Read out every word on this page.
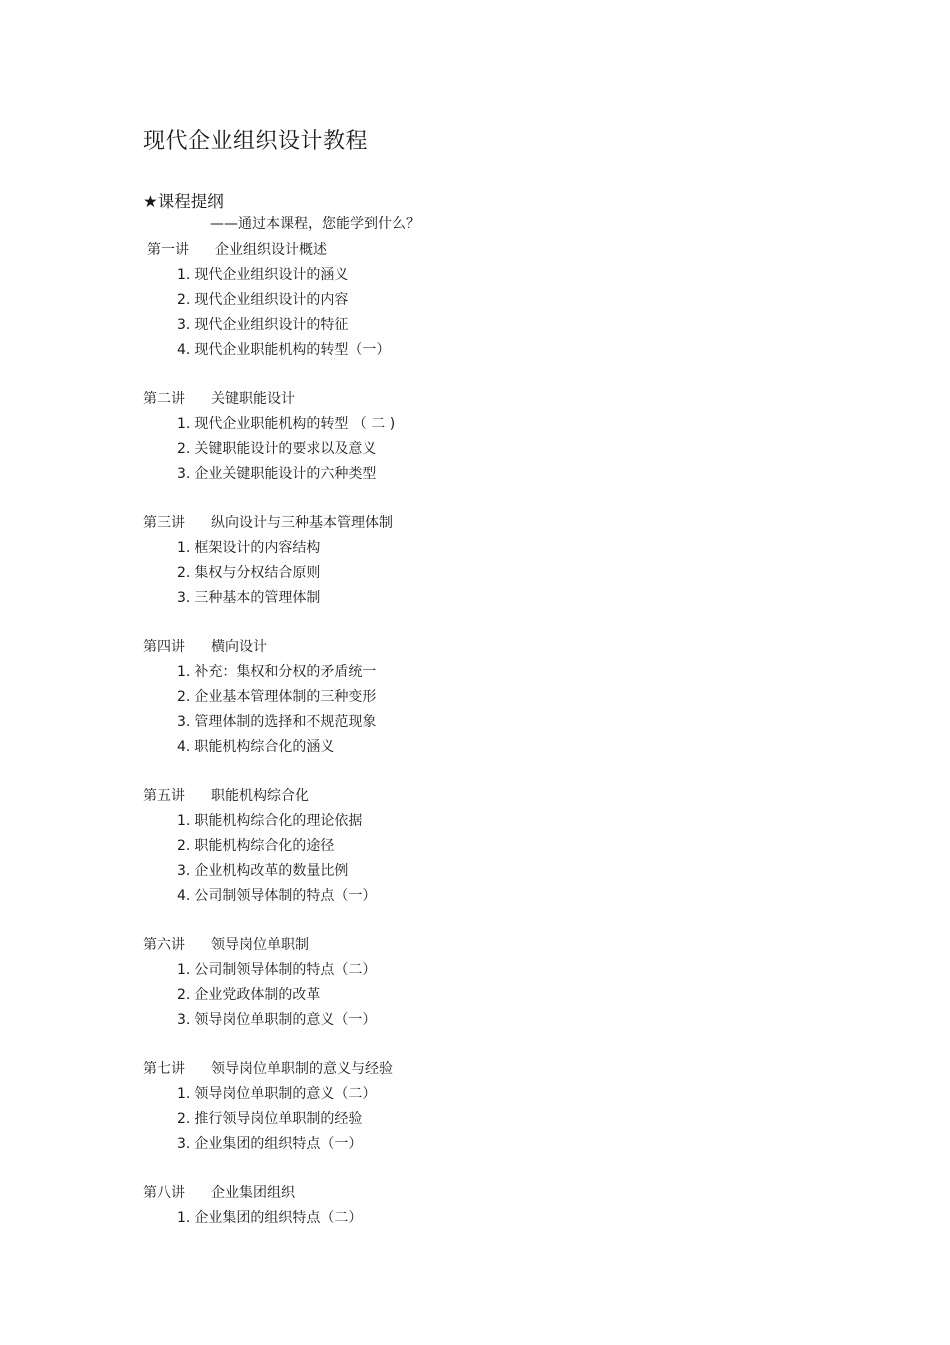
现代企业组织设计教程
★课程提纲
——通过本课程，您能学到什么？
第一讲 企业组织设计概述
1. 现代企业组织设计的涵义
2. 现代企业组织设计的内容
3. 现代企业组织设计的特征
4. 现代企业职能机构的转型（一）
第二讲 关键职能设计
1. 现代企业职能机构的转型 （ 二 )
2. 关键职能设计的要求以及意义
3. 企业关键职能设计的六种类型
第三讲 纵向设计与三种基本管理体制
1. 框架设计的内容结构
2. 集权与分权结合原则
3. 三种基本的管理体制
第四讲 横向设计
1. 补充：集权和分权的矛盾统一
2. 企业基本管理体制的三种变形
3. 管理体制的选择和不规范现象
4. 职能机构综合化的涵义
第五讲 职能机构综合化
1. 职能机构综合化的理论依据
2. 职能机构综合化的途径
3. 企业机构改革的数量比例
4. 公司制领导体制的特点（一）
第六讲 领导岗位单职制
1. 公司制领导体制的特点（二）
2. 企业党政体制的改革
3. 领导岗位单职制的意义（一）
第七讲 领导岗位单职制的意义与经验
1. 领导岗位单职制的意义（二）
2. 推行领导岗位单职制的经验
3. 企业集团的组织特点（一）
第八讲 企业集团组织
1. 企业集团的组织特点（二）
